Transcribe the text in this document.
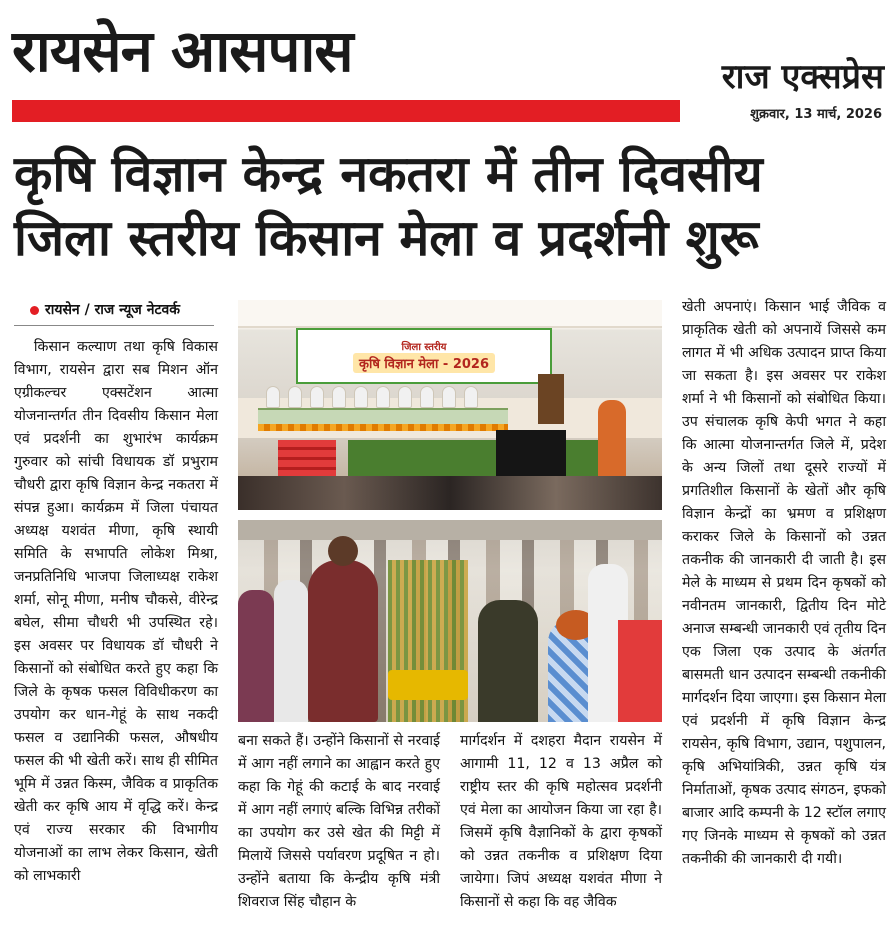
रायसेन आसपास	राज एक्सप्रेस
शुक्रवार, 13 मार्च, 2026
कृषि विज्ञान केन्द्र नकतरा में तीन दिवसीय
जिला स्तरीय किसान मेला व प्रदर्शनी शुरू
रायसेन / राज न्यूज नेटवर्क

किसान कल्याण तथा कृषि विकास विभाग, रायसेन द्वारा सब मिशन ऑन एग्रीकल्चर एक्सटेंशन आत्मा योजनान्तर्गत तीन दिवसीय किसान मेला एवं प्रदर्शनी का शुभारंभ कार्यक्रम गुरुवार को सांची विधायक डॉ प्रभुराम चौधरी द्वारा कृषि विज्ञान केन्द्र नकतरा में संपन्न हुआ। कार्यक्रम में जिला पंचायत अध्यक्ष यशवंत मीणा, कृषि स्थायी समिति के सभापति लोकेश मिश्रा, जनप्रतिनिधि भाजपा जिलाध्यक्ष राकेश शर्मा, सोनू मीणा, मनीष चौकसे, वीरेन्द्र बघेल, सीमा चौधरी भी उपस्थित रहे। इस अवसर पर विधायक डॉ चौधरी ने किसानों को संबोधित करते हुए कहा कि जिले के कृषक फसल विविधीकरण का उपयोग कर धान-गेहूं के साथ नकदी फसल व उद्यानिकी फसल, औषधीय फसल की भी खेती करें। साथ ही सीमित भूमि में उन्नत किस्म, जैविक व प्राकृतिक खेती कर कृषि आय में वृद्धि करें। केन्द्र एवं राज्य सरकार की विभागीय योजनाओं का लाभ लेकर किसान, खेती को लाभकारी

जिला स्तरीय
कृषि विज्ञान मेला - 2026
बना सकते हैं। उन्होंने किसानों से नरवाई में आग नहीं लगाने का आह्वान करते हुए कहा कि गेहूं की कटाई के बाद नरवाई में आग नहीं लगाएं बल्कि विभिन्न तरीकों का उपयोग कर उसे खेत की मिट्टी में मिलायें जिससे पर्यावरण प्रदूषित न हो। उन्होंने बताया कि केन्द्रीय कृषि मंत्री शिवराज सिंह चौहान के
मार्गदर्शन में दशहरा मैदान रायसेन में आगामी 11, 12 व 13 अप्रैल को राष्ट्रीय स्तर की कृषि महोत्सव प्रदर्शनी एवं मेला का आयोजन किया जा रहा है। जिसमें कृषि वैज्ञानिकों के द्वारा कृषकों को उन्नत तकनीक व प्रशिक्षण दिया जायेगा। जिपं अध्यक्ष यशवंत मीणा ने किसानों से कहा कि वह जैविक
खेती अपनाएं। किसान भाई जैविक व प्राकृतिक खेती को अपनायें जिससे कम लागत में भी अधिक उत्पादन प्राप्त किया जा सकता है। इस अवसर पर राकेश शर्मा ने भी किसानों को संबोधित किया। उप संचालक कृषि केपी भगत ने कहा कि आत्मा योजनान्तर्गत जिले में, प्रदेश के अन्य जिलों तथा दूसरे राज्यों में प्रगतिशील किसानों के खेतों और कृषि विज्ञान केन्द्रों का भ्रमण व प्रशिक्षण कराकर जिले के किसानों को उन्नत तकनीक की जानकारी दी जाती है। इस मेले के माध्यम से प्रथम दिन कृषकों को नवीनतम जानकारी, द्वितीय दिन मोटे अनाज सम्बन्धी जानकारी एवं तृतीय दिन एक जिला एक उत्पाद के अंतर्गत बासमती धान उत्पादन सम्बन्धी तकनीकी मार्गदर्शन दिया जाएगा। इस किसान मेला एवं प्रदर्शनी में कृषि विज्ञान केन्द्र रायसेन, कृषि विभाग, उद्यान, पशुपालन, कृषि अभियांत्रिकी, उन्नत कृषि यंत्र निर्माताओं, कृषक उत्पाद संगठन, इफको बाजार आदि कम्पनी के 12 स्टॉल लगाए गए जिनके माध्यम से कृषकों को उन्नत तकनीकी की जानकारी दी गयी।
